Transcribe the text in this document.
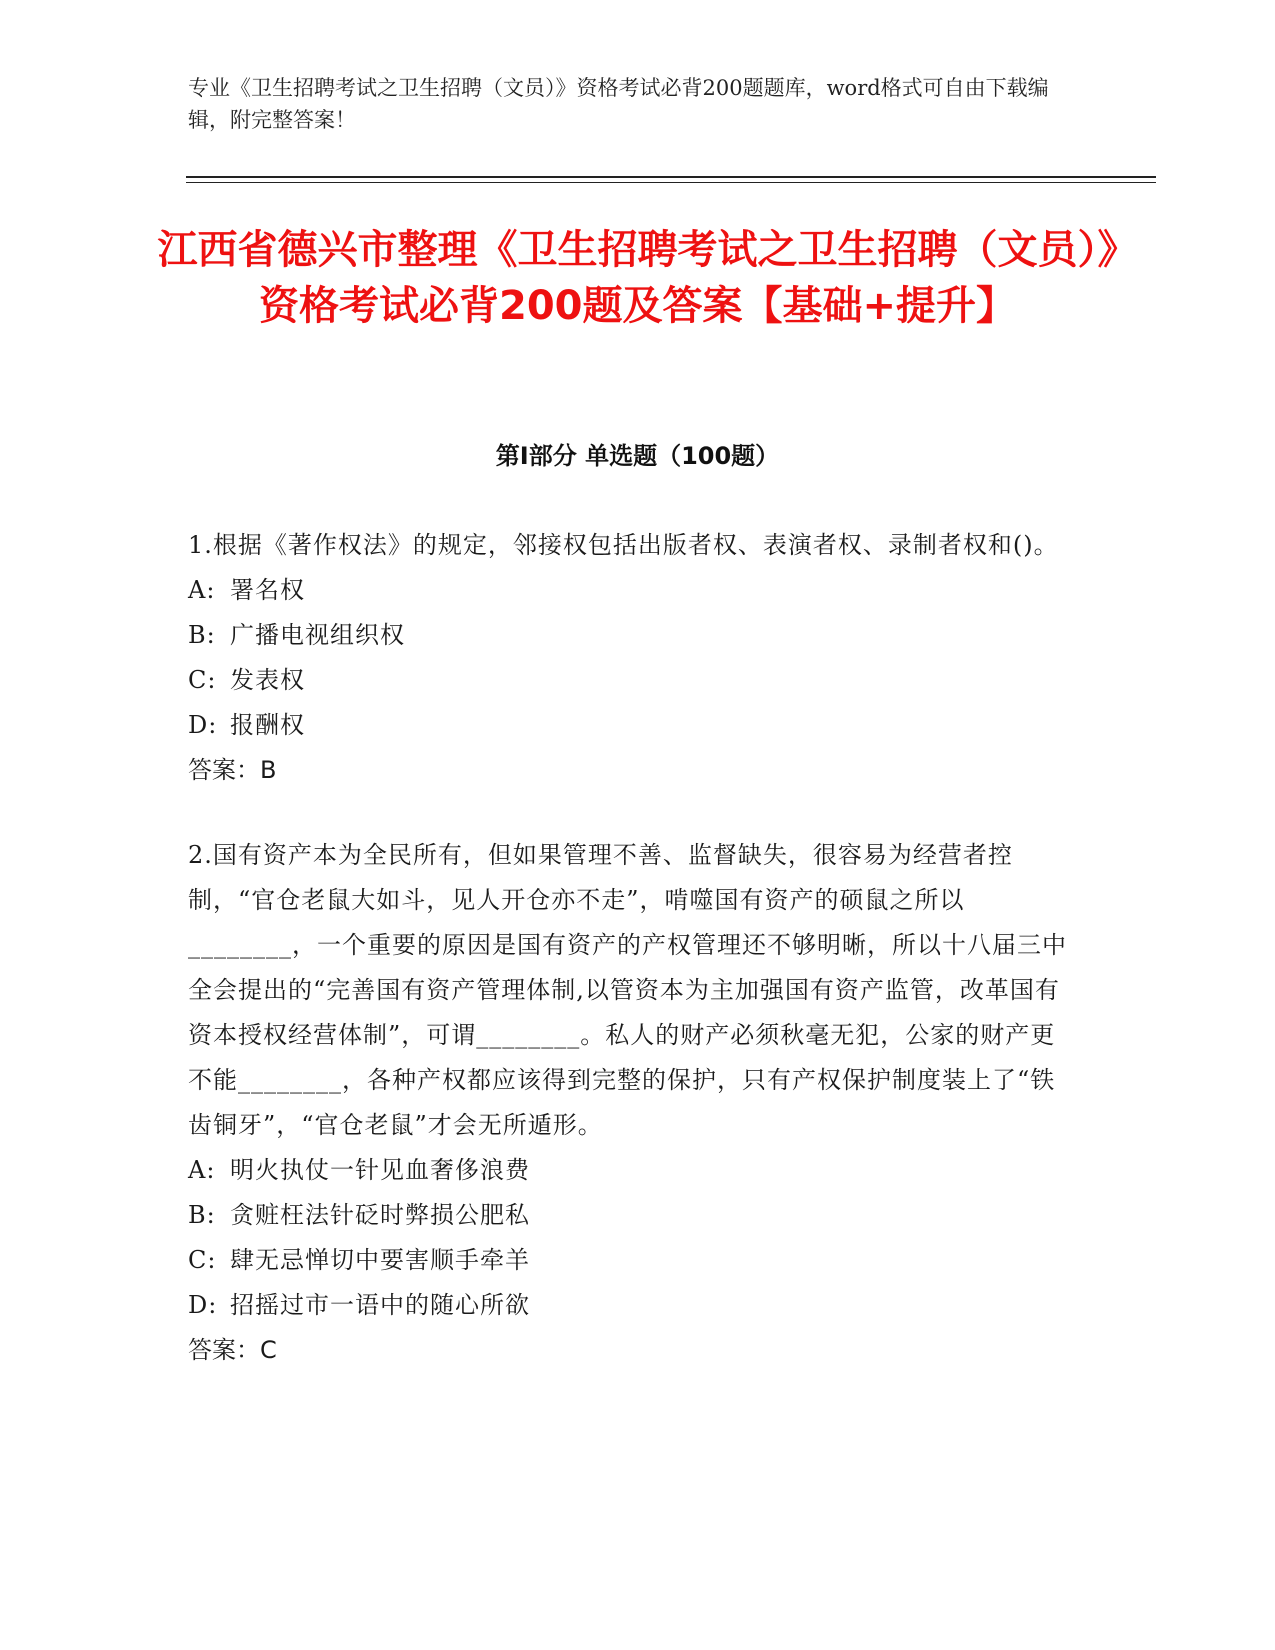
专业《卫生招聘考试之卫生招聘（文员）》资格考试必背200题题库，word格式可自由下载编辑，附完整答案！
江西省德兴市整理《卫生招聘考试之卫生招聘（文员）》资格考试必背200题及答案【基础+提升】
第Ⅰ部分 单选题（100题）
1.根据《著作权法》的规定，邻接权包括出版者权、表演者权、录制者权和()。
A: 署名权
B: 广播电视组织权
C: 发表权
D: 报酬权
答案：B
2.国有资产本为全民所有，但如果管理不善、监督缺失，很容易为经营者控制，“官仓老鼠大如斗，见人开仓亦不走”，啃噬国有资产的硕鼠之所以________，一个重要的原因是国有资产的产权管理还不够明晰，所以十八届三中全会提出的“完善国有资产管理体制,以管资本为主加强国有资产监管，改革国有资本授权经营体制”，可谓________。私人的财产必须秋毫无犯，公家的财产更不能________，各种产权都应该得到完整的保护，只有产权保护制度装上了“铁齿铜牙”，“官仓老鼠”才会无所遁形。
A: 明火执仗一针见血奢侈浪费
B: 贪赃枉法针砭时弊损公肥私
C: 肆无忌惮切中要害顺手牵羊
D: 招摇过市一语中的随心所欲
答案：C
